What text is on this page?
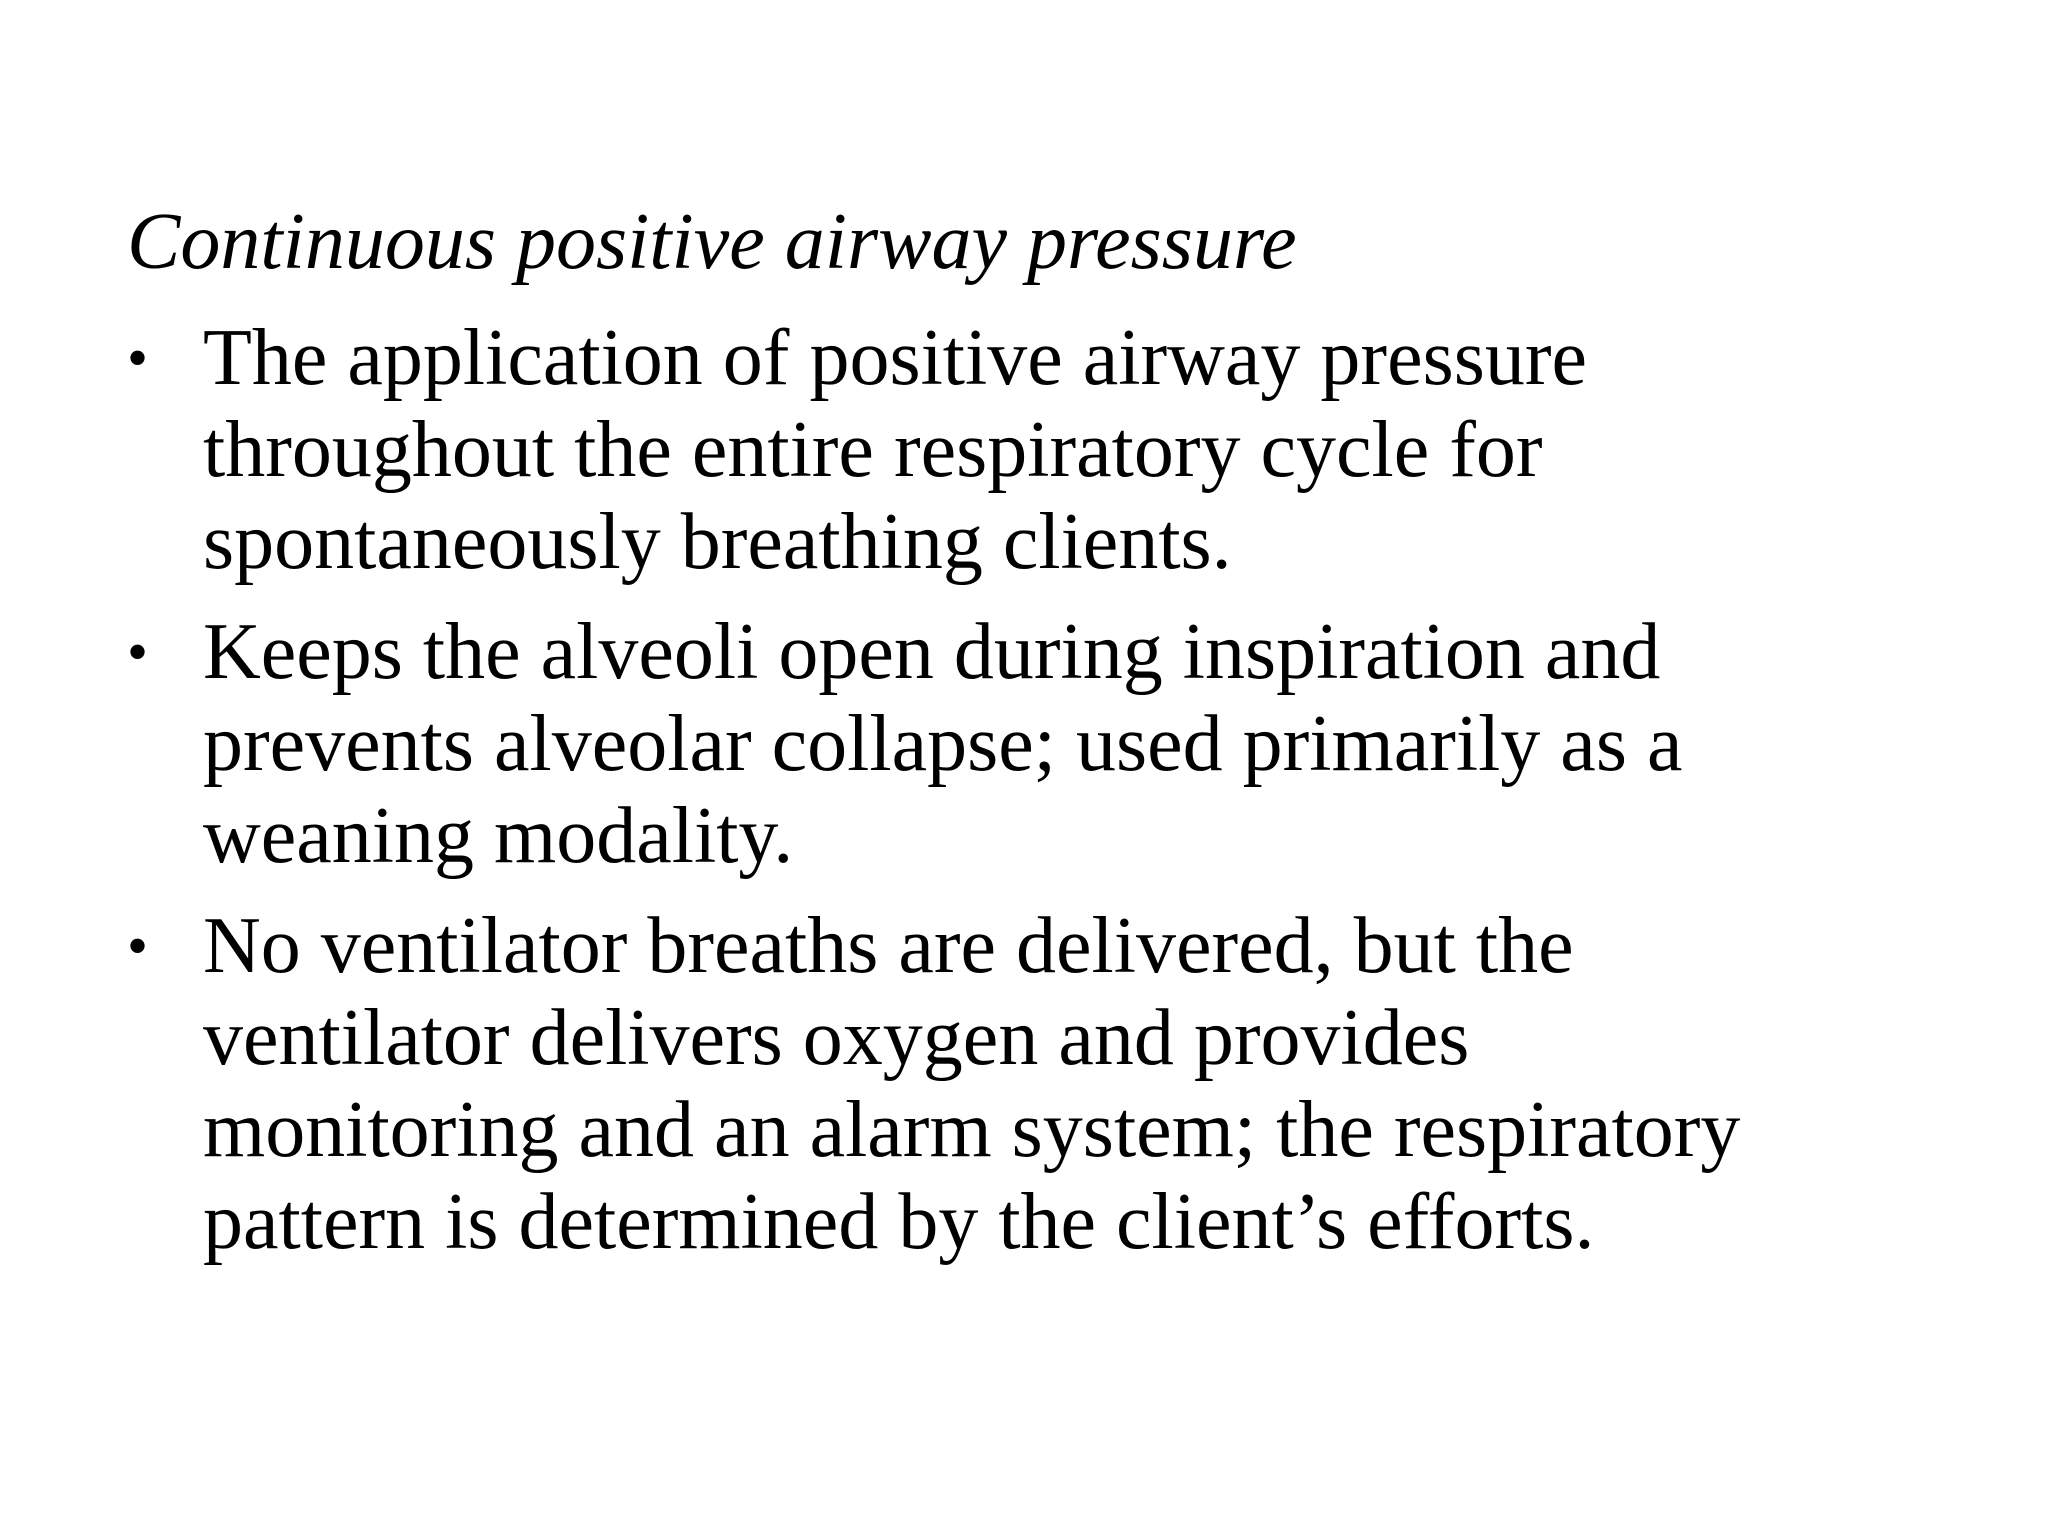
Continuous positive airway pressure
• The application of positive airway pressure
throughout the entire respiratory cycle for
spontaneously breathing clients.
• Keeps the alveoli open during inspiration and
prevents alveolar collapse; used primarily as a
weaning modality.
• No ventilator breaths are delivered, but the
ventilator delivers oxygen and provides
monitoring and an alarm system; the respiratory
pattern is determined by the client’s efforts.
